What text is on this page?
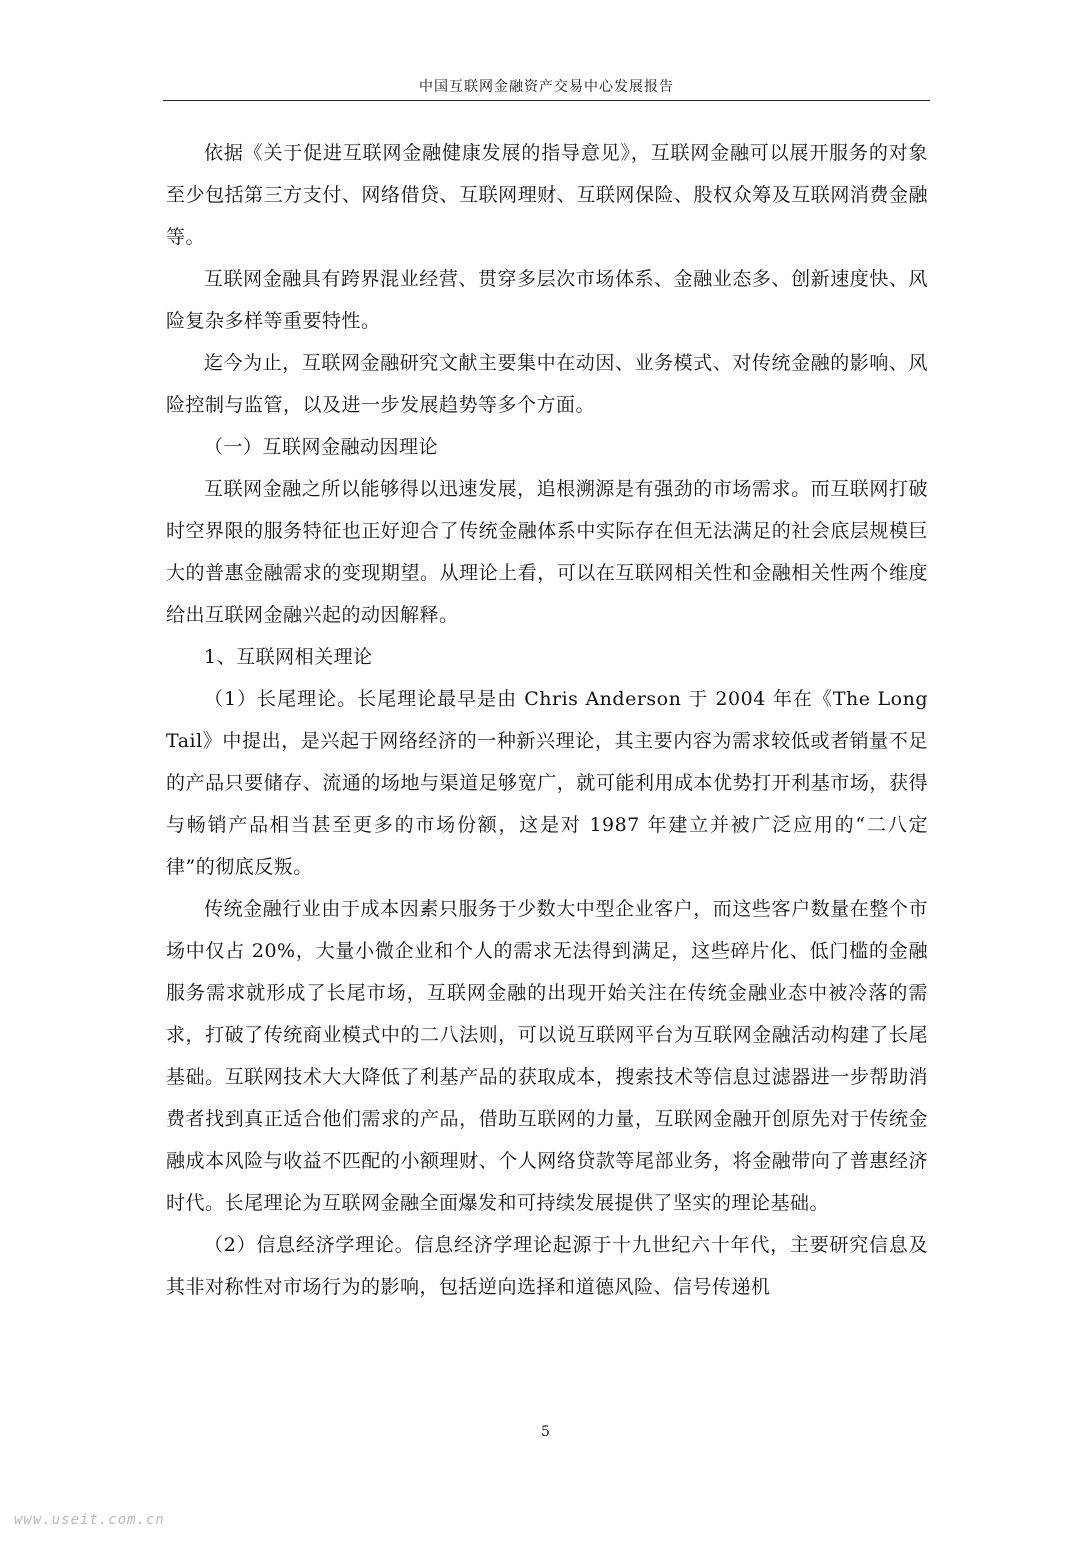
中国互联网金融资产交易中心发展报告

依据《关于促进互联网金融健康发展的指导意见》，互联网金融可以展开服务的对象至少包括第三方支付、网络借贷、互联网理财、互联网保险、股权众筹及互联网消费金融等。

互联网金融具有跨界混业经营、贯穿多层次市场体系、金融业态多、创新速度快、风险复杂多样等重要特性。

迄今为止，互联网金融研究文献主要集中在动因、业务模式、对传统金融的影响、风险控制与监管，以及进一步发展趋势等多个方面。

（一）互联网金融动因理论

互联网金融之所以能够得以迅速发展，追根溯源是有强劲的市场需求。而互联网打破时空界限的服务特征也正好迎合了传统金融体系中实际存在但无法满足的社会底层规模巨大的普惠金融需求的变现期望。从理论上看，可以在互联网相关性和金融相关性两个维度给出互联网金融兴起的动因解释。

1、互联网相关理论

（1）长尾理论。长尾理论最早是由 Chris Anderson 于 2004 年在《The Long Tail》中提出，是兴起于网络经济的一种新兴理论，其主要内容为需求较低或者销量不足的产品只要储存、流通的场地与渠道足够宽广，就可能利用成本优势打开利基市场，获得与畅销产品相当甚至更多的市场份额，这是对 1987 年建立并被广泛应用的“二八定律”的彻底反叛。

传统金融行业由于成本因素只服务于少数大中型企业客户，而这些客户数量在整个市场中仅占 20%，大量小微企业和个人的需求无法得到满足，这些碎片化、低门槛的金融服务需求就形成了长尾市场，互联网金融的出现开始关注在传统金融业态中被冷落的需求，打破了传统商业模式中的二八法则，可以说互联网平台为互联网金融活动构建了长尾基础。互联网技术大大降低了利基产品的获取成本，搜索技术等信息过滤器进一步帮助消费者找到真正适合他们需求的产品，借助互联网的力量，互联网金融开创原先对于传统金融成本风险与收益不匹配的小额理财、个人网络贷款等尾部业务，将金融带向了普惠经济时代。长尾理论为互联网金融全面爆发和可持续发展提供了坚实的理论基础。

（2）信息经济学理论。信息经济学理论起源于十九世纪六十年代，主要研究信息及其非对称性对市场行为的影响，包括逆向选择和道德风险、信号传递机

5
www.useit.com.cn
